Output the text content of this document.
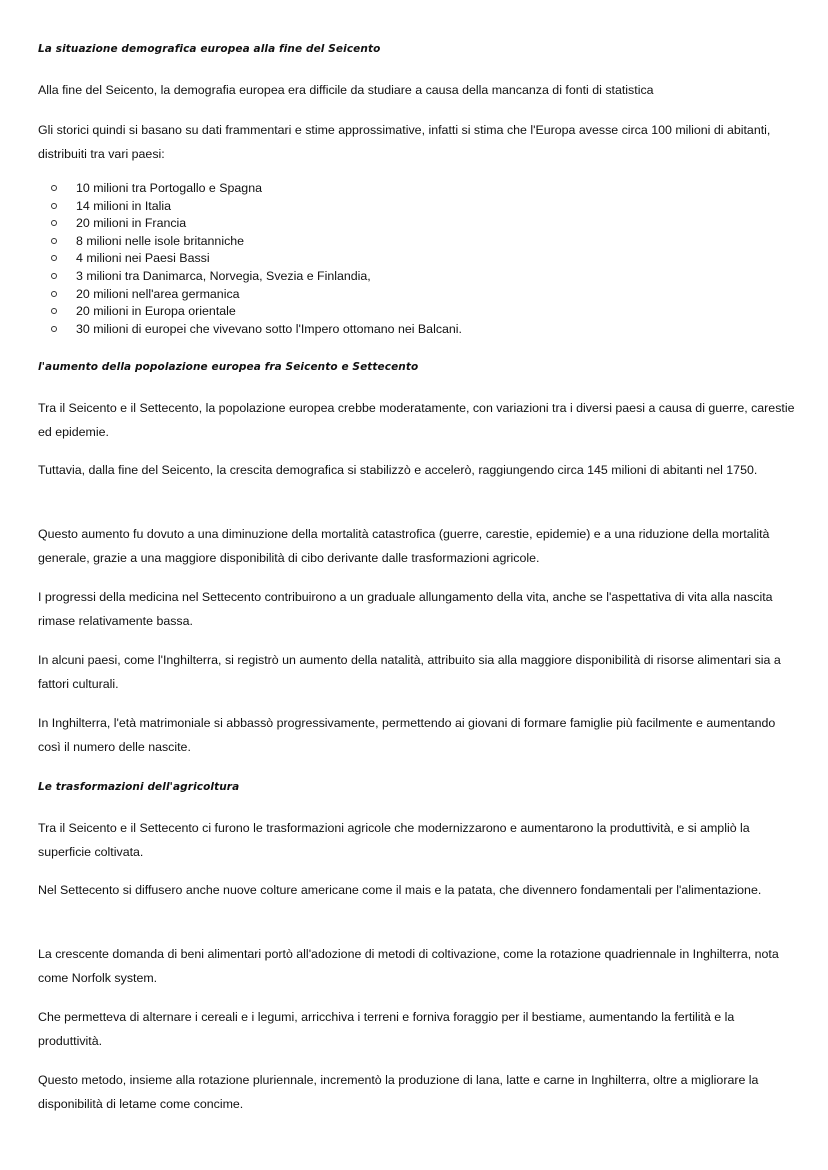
La situazione demografica europea alla fine del Seicento

Alla fine del Seicento, la demografia europea era difficile da studiare a causa della mancanza di fonti di statistica

Gli storici quindi si basano su dati frammentari e stime approssimative, infatti si stima che l'Europa avesse circa 100 milioni di abitanti, distribuiti tra vari paesi:

10 milioni tra Portogallo e Spagna
14 milioni in Italia
20 milioni in Francia
8 milioni nelle isole britanniche
4 milioni nei Paesi Bassi
3 milioni tra Danimarca, Norvegia, Svezia e Finlandia,
20 milioni nell'area germanica
20 milioni in Europa orientale
30 milioni di europei che vivevano sotto l'Impero ottomano nei Balcani.
l'aumento della popolazione europea fra Seicento e Settecento

Tra il Seicento e il Settecento, la popolazione europea crebbe moderatamente, con variazioni tra i diversi paesi a causa di guerre, carestie ed epidemie.

Tuttavia, dalla fine del Seicento, la crescita demografica si stabilizzò e accelerò, raggiungendo circa 145 milioni di abitanti nel 1750.

Questo aumento fu dovuto a una diminuzione della mortalità catastrofica (guerre, carestie, epidemie) e a una riduzione della mortalità generale, grazie a una maggiore disponibilità di cibo derivante dalle trasformazioni agricole.

I progressi della medicina nel Settecento contribuirono a un graduale allungamento della vita, anche se l'aspettativa di vita alla nascita rimase relativamente bassa.

In alcuni paesi, come l'Inghilterra, si registrò un aumento della natalità, attribuito sia alla maggiore disponibilità di risorse alimentari sia a fattori culturali.

In Inghilterra, l'età matrimoniale si abbassò progressivamente, permettendo ai giovani di formare famiglie più facilmente e aumentando così il numero delle nascite.

Le trasformazioni dell'agricoltura

Tra il Seicento e il Settecento ci furono le trasformazioni agricole che modernizzarono e aumentarono la produttività, e si ampliò la superficie coltivata.

Nel Settecento si diffusero anche nuove colture americane come il mais e la patata, che divennero fondamentali per l'alimentazione.

La crescente domanda di beni alimentari portò all'adozione di metodi di coltivazione, come la rotazione quadriennale in Inghilterra, nota come Norfolk system.

Che permetteva di alternare i cereali e i legumi, arricchiva i terreni e forniva foraggio per il bestiame, aumentando la fertilità e la produttività.

Questo metodo, insieme alla rotazione pluriennale, incrementò la produzione di lana, latte e carne in Inghilterra, oltre a migliorare la disponibilità di letame come concime.
